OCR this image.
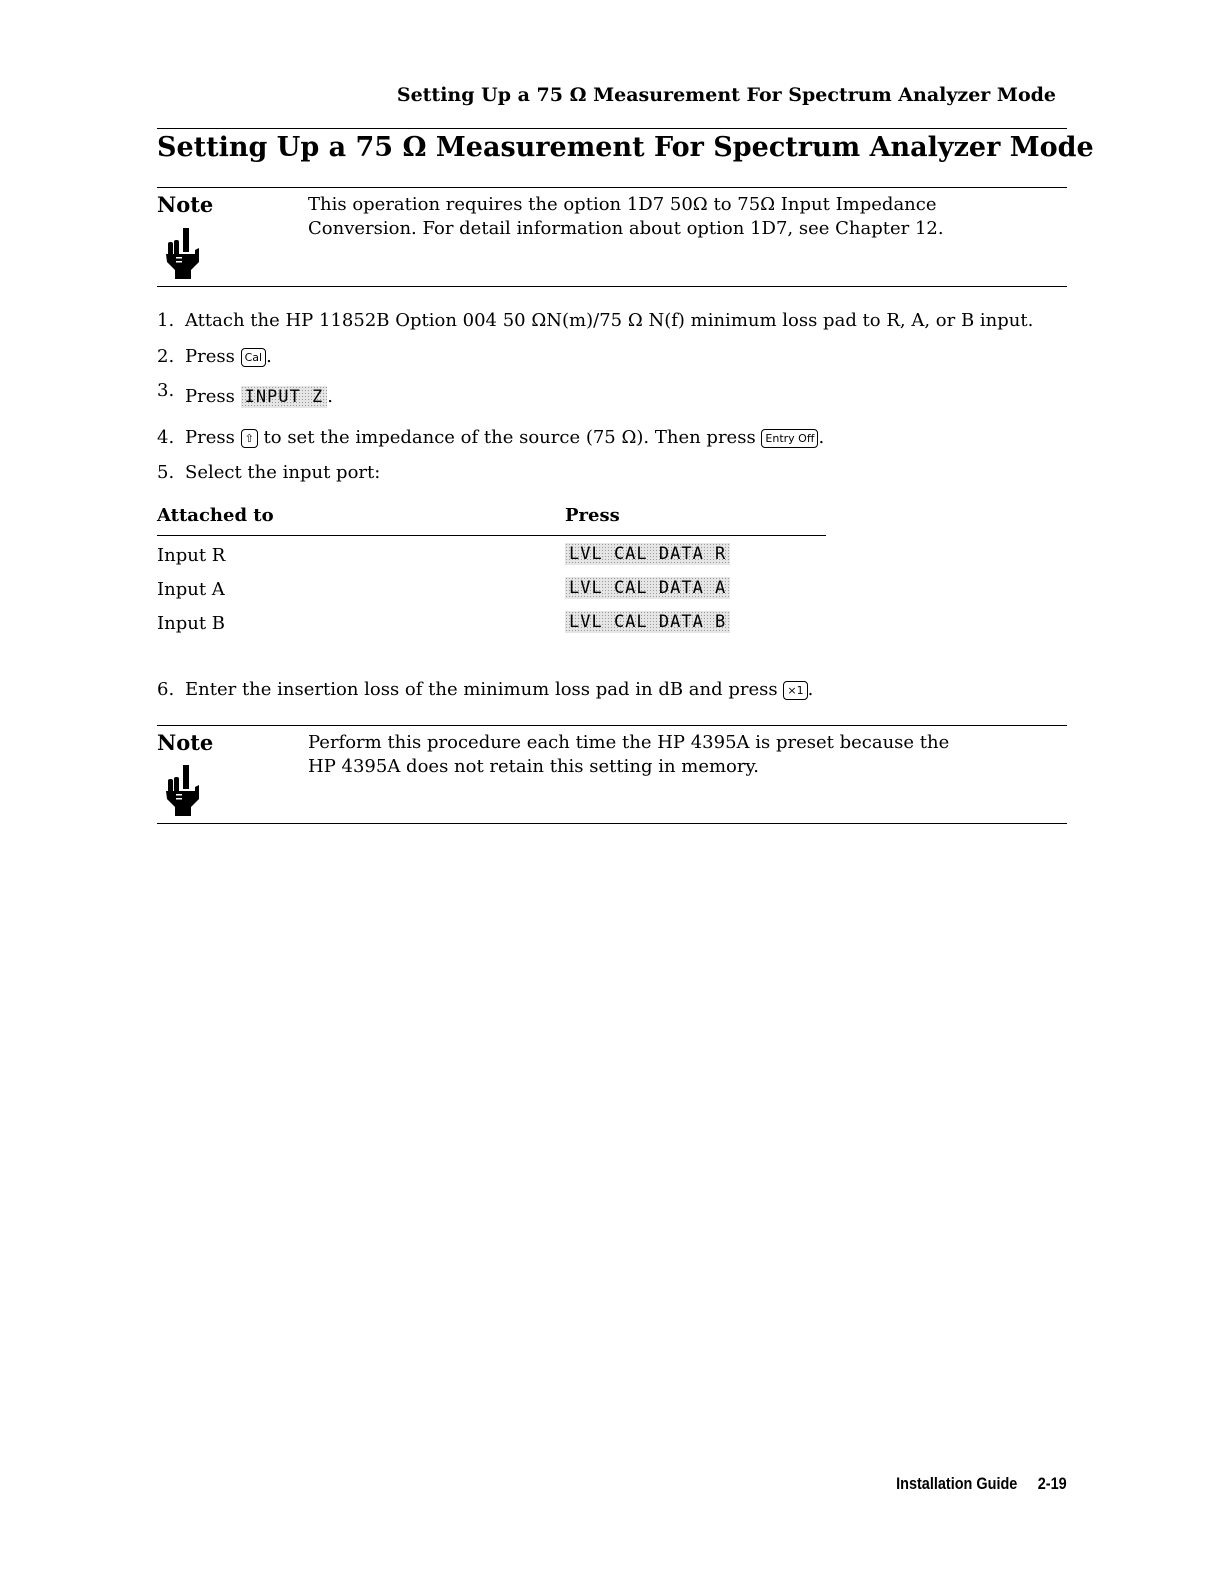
Setting Up a 75 Ω Measurement For Spectrum Analyzer Mode
Setting Up a 75 Ω Measurement For Spectrum Analyzer Mode
Note	This operation requires the option 1D7 50Ω to 75Ω Input Impedance
Conversion. For detail information about option 1D7, see Chapter 12.
1. Attach the HP 11852B Option 004 50 ΩN(m)/75 Ω N(f) minimum loss pad to R, A, or B input.
2. Press Cal .
3. Press INPUT Z .
4. Press ⇧ to set the impedance of the source (75 Ω). Then press Entry Off .
5. Select the input port:
Attached to	Press
Input R	LVL CAL DATA R
Input A	LVL CAL DATA A
Input B	LVL CAL DATA B
6. Enter the insertion loss of the minimum loss pad in dB and press ×1 .
Note	Perform this procedure each time the HP 4395A is preset because the
HP 4395A does not retain this setting in memory.
Installation Guide 2-19
